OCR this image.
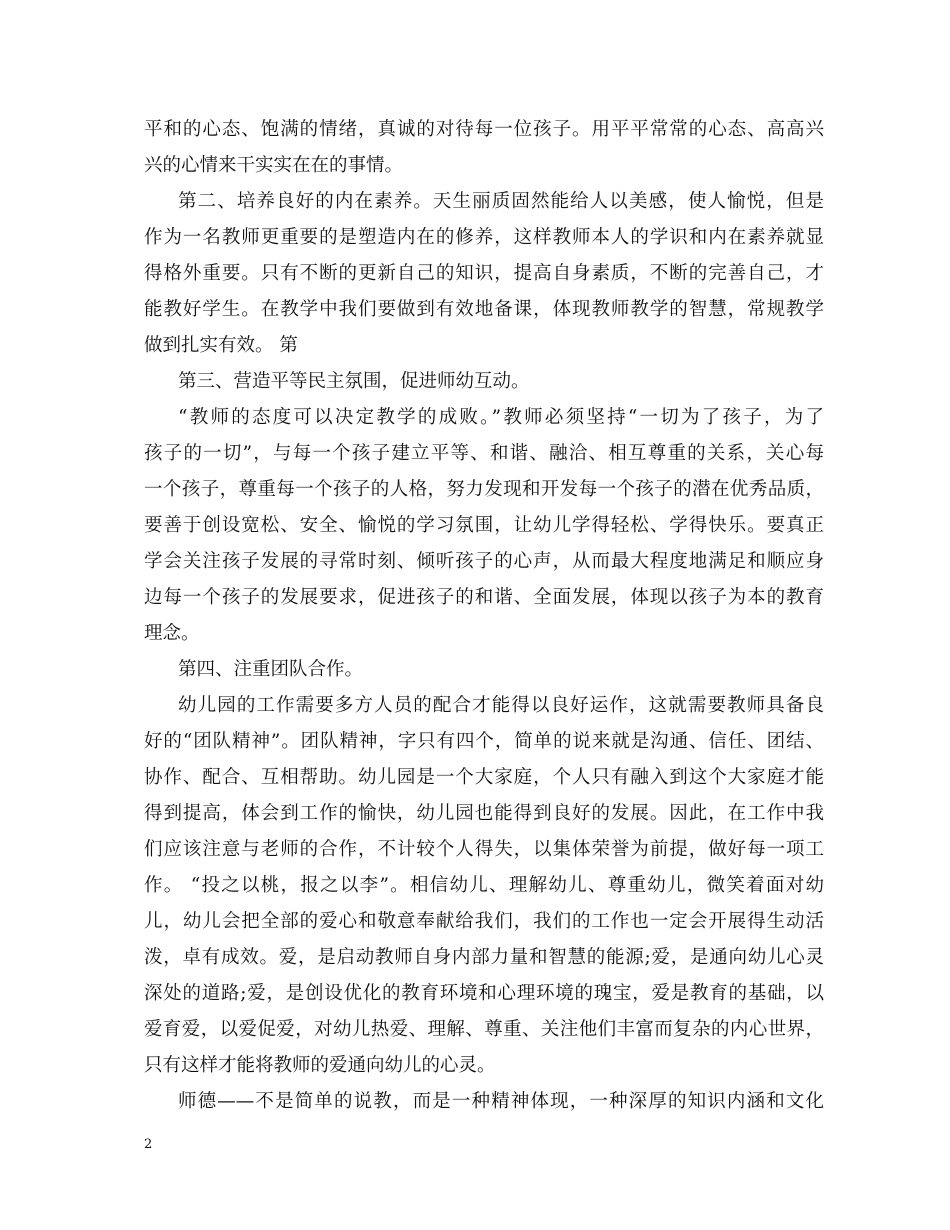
平和的心态、饱满的情绪，真诚的对待每一位孩子。用平平常常的心态、高高兴
兴的心情来干实实在在的事情。
第二、培养良好的内在素养。天生丽质固然能给人以美感，使人愉悦，但是
作为一名教师更重要的是塑造内在的修养，这样教师本人的学识和内在素养就显
得格外重要。只有不断的更新自己的知识，提高自身素质，不断的完善自己，才
能教好学生。在教学中我们要做到有效地备课，体现教师教学的智慧，常规教学
做到扎实有效。 第
第三、营造平等民主氛围，促进师幼互动。
“教师的态度可以决定教学的成败。”教师必须坚持“一切为了孩子，为了
孩子的一切”，与每一个孩子建立平等、和谐、融洽、相互尊重的关系，关心每
一个孩子，尊重每一个孩子的人格，努力发现和开发每一个孩子的潜在优秀品质，
要善于创设宽松、安全、愉悦的学习氛围，让幼儿学得轻松、学得快乐。要真正
学会关注孩子发展的寻常时刻、倾听孩子的心声，从而最大程度地满足和顺应身
边每一个孩子的发展要求，促进孩子的和谐、全面发展，体现以孩子为本的教育
理念。
第四、注重团队合作。
幼儿园的工作需要多方人员的配合才能得以良好运作，这就需要教师具备良
好的“团队精神”。团队精神，字只有四个，简单的说来就是沟通、信任、团结、
协作、配合、互相帮助。幼儿园是一个大家庭，个人只有融入到这个大家庭才能
得到提高，体会到工作的愉快，幼儿园也能得到良好的发展。因此，在工作中我
们应该注意与老师的合作，不计较个人得失，以集体荣誉为前提，做好每一项工
作。 “投之以桃，报之以李”。相信幼儿、理解幼儿、尊重幼儿，微笑着面对幼
儿，幼儿会把全部的爱心和敬意奉献给我们，我们的工作也一定会开展得生动活
泼，卓有成效。爱，是启动教师自身内部力量和智慧的能源;爱，是通向幼儿心灵
深处的道路;爱，是创设优化的教育环境和心理环境的瑰宝，爱是教育的基础，以
爱育爱，以爱促爱，对幼儿热爱、理解、尊重、关注他们丰富而复杂的内心世界，
只有这样才能将教师的爱通向幼儿的心灵。
师德——不是简单的说教，而是一种精神体现，一种深厚的知识内涵和文化
2
